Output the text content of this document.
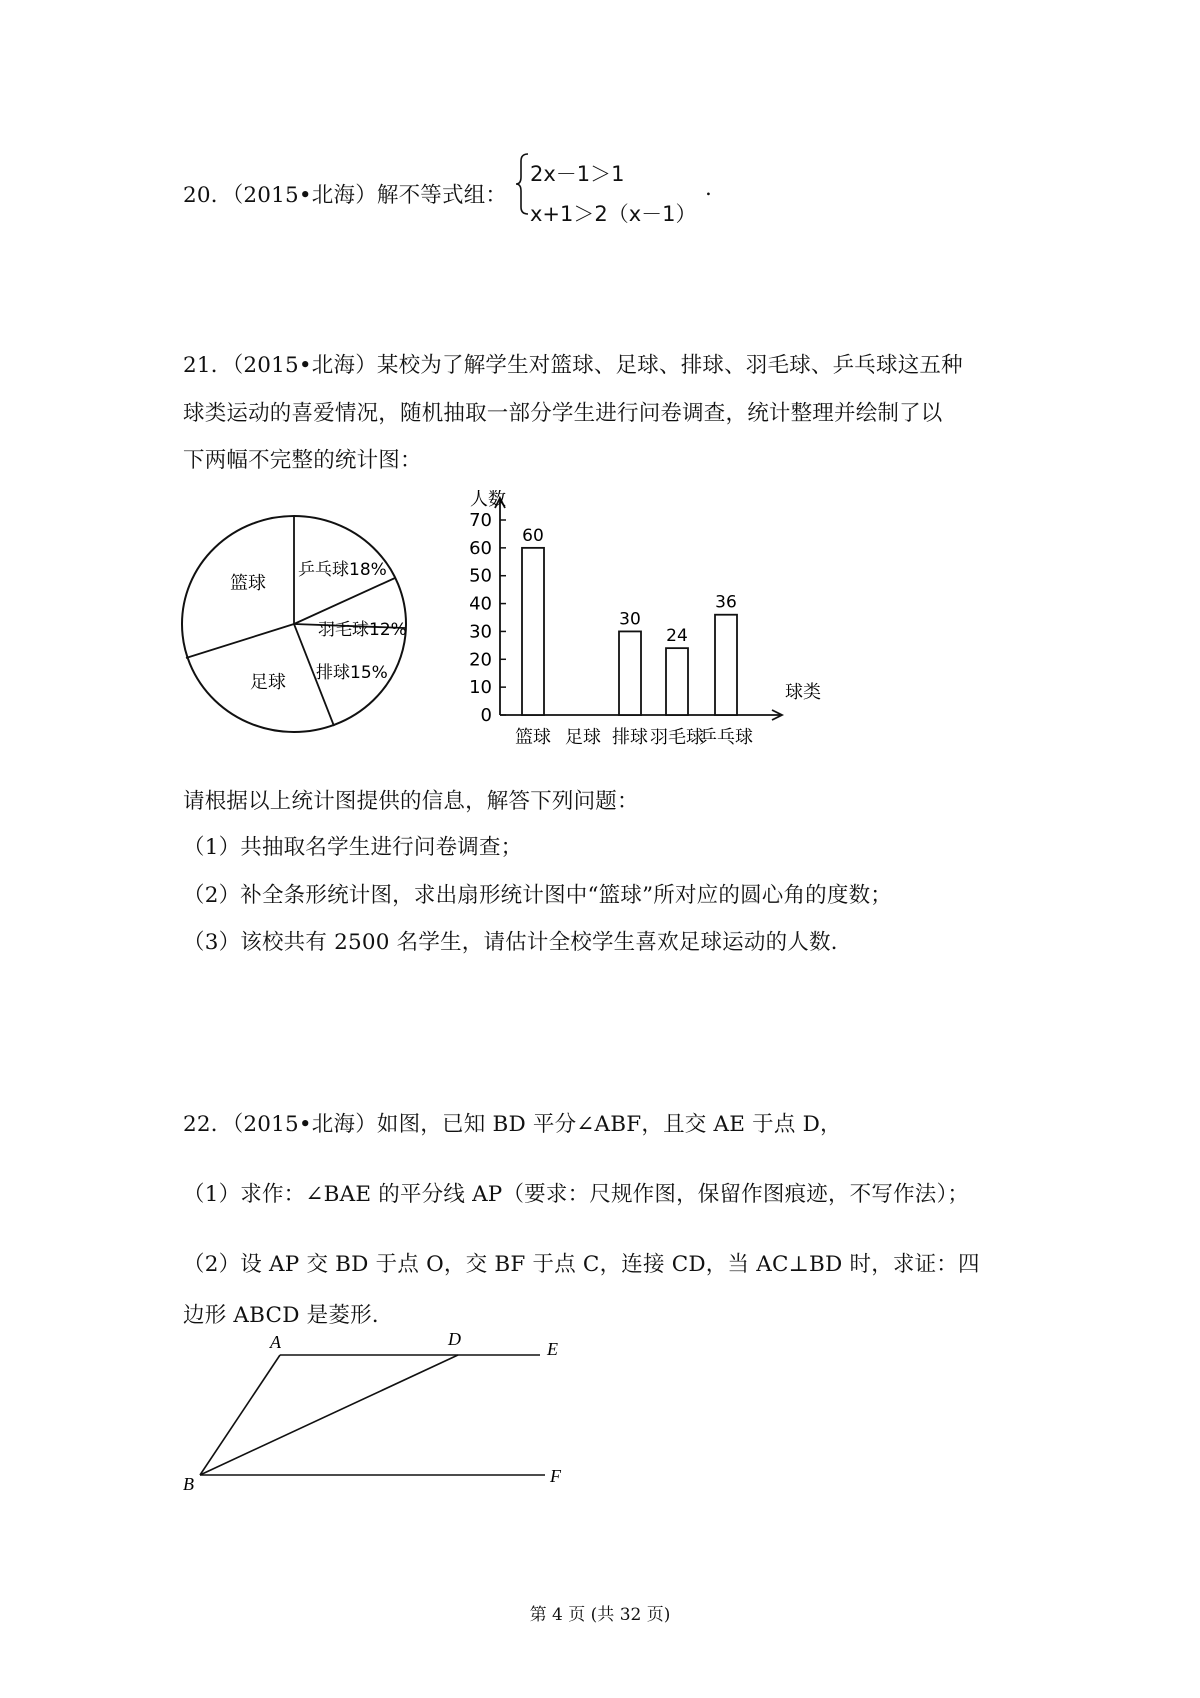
20．（2015•北海）解不等式组：
2x－1＞1
x+1＞2（x－1）
.
21．（2015•北海）某校为了解学生对篮球、足球、排球、羽毛球、乒乓球这五种
球类运动的喜爱情况，随机抽取一部分学生进行问卷调查，统计整理并绘制了以
下两幅不完整的统计图：
篮球
乒乓球18%
羽毛球12%
排球15%
足球
人数
球类
0
10
20
30
40
50
60
70
60
30
24
36
篮球 足球 排球 羽毛球
乒乓球
请根据以上统计图提供的信息，解答下列问题：
（1）共抽取名学生进行问卷调查；
（2）补全条形统计图，求出扇形统计图中“篮球”所对应的圆心角的度数；
（3）该校共有 2500 名学生，请估计全校学生喜欢足球运动的人数.
22．（2015•北海）如图，已知 BD 平分∠ABF，且交 AE 于点 D，
（1）求作：∠BAE 的平分线 AP（要求：尺规作图，保留作图痕迹，不写作法）；
（2）设 AP 交 BD 于点 O，交 BF 于点 C，连接 CD，当 AC⊥BD 时，求证：四
边形 ABCD 是菱形.
A	D	E
B	F
第 4 页 (共 32 页)
